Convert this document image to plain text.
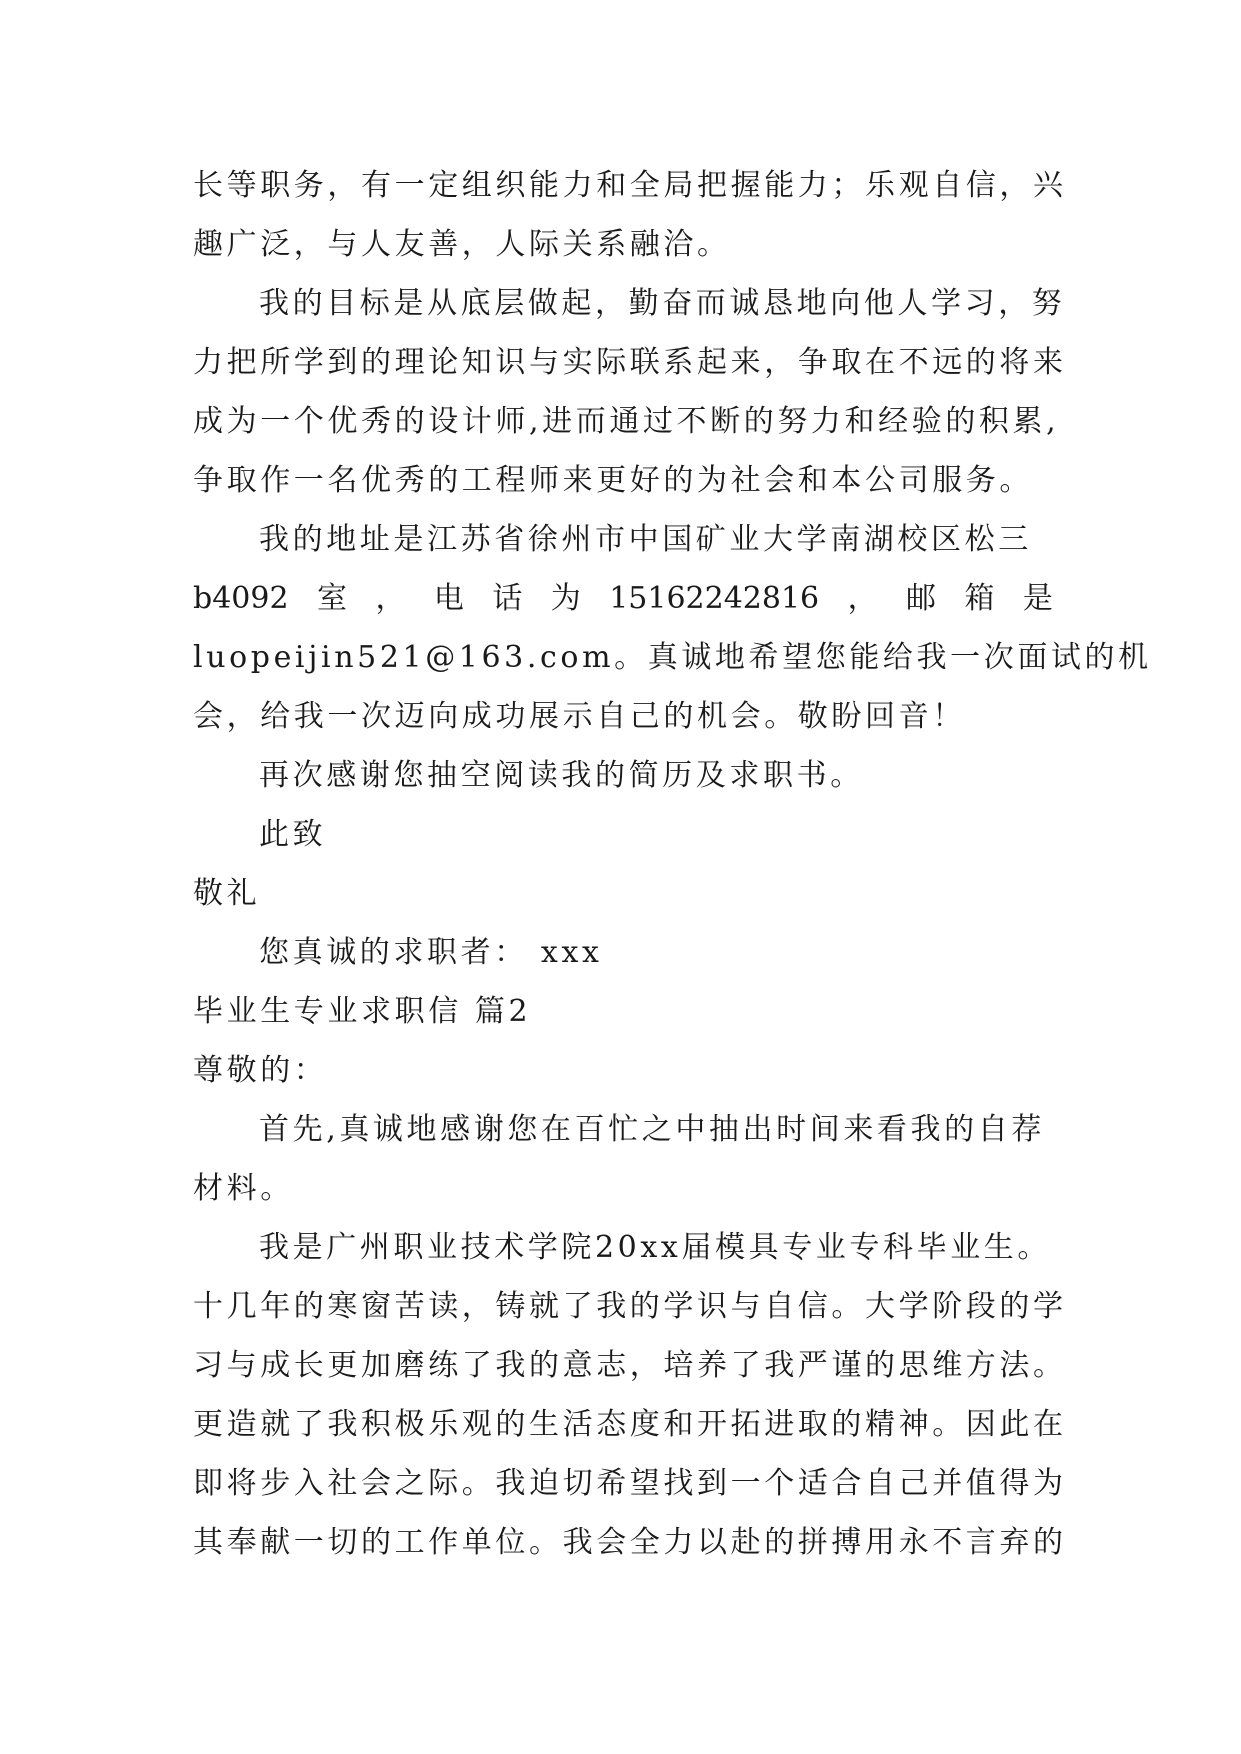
长等职务，有一定组织能力和全局把握能力；乐观自信，兴
趣广泛，与人友善，人际关系融洽。
我的目标是从底层做起，勤奋而诚恳地向他人学习，努
力把所学到的理论知识与实际联系起来，争取在不远的将来
成为一个优秀的设计师,进而通过不断的努力和经验的积累,
争取作一名优秀的工程师来更好的为社会和本公司服务。
我的地址是江苏省徐州市中国矿业大学南湖校区松三
b4092 室 ， 电 话 为 15162242816 ， 邮 箱 是
luopeijin521@163.com。真诚地希望您能给我一次面试的机
会，给我一次迈向成功展示自己的机会。敬盼回音！
再次感谢您抽空阅读我的简历及求职书。
此致
敬礼
您真诚的求职者： xxx
毕业生专业求职信 篇2
尊敬的：
首先,真诚地感谢您在百忙之中抽出时间来看我的自荐
材料。
我是广州职业技术学院20xx届模具专业专科毕业生。
十几年的寒窗苦读，铸就了我的学识与自信。大学阶段的学
习与成长更加磨练了我的意志，培养了我严谨的思维方法。
更造就了我积极乐观的生活态度和开拓进取的精神。因此在
即将步入社会之际。我迫切希望找到一个适合自己并值得为
其奉献一切的工作单位。我会全力以赴的拼搏用永不言弃的
